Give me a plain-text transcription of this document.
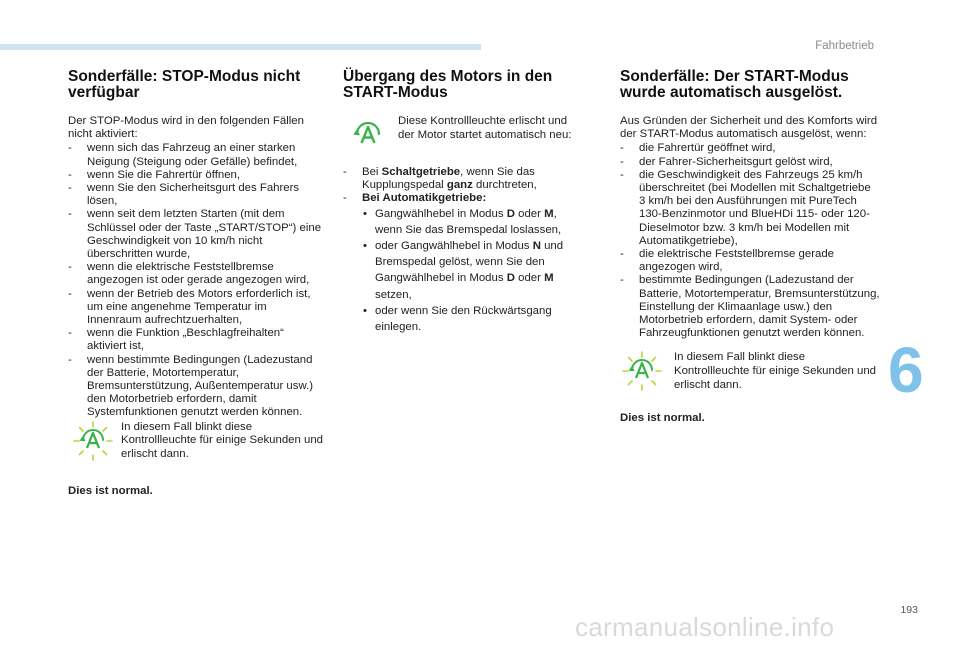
Fahrbetrieb
6
Sonderfälle: STOP-Modus nicht verfügbar

Der STOP-Modus wird in den folgenden Fällen nicht aktiviert:

- wenn sich das Fahrzeug an einer starken Neigung (Steigung oder Gefälle) befindet,
- wenn Sie die Fahrertür öffnen,
- wenn Sie den Sicherheitsgurt des Fahrers lösen,
- wenn seit dem letzten Starten (mit dem Schlüssel oder der Taste „START/STOP“) eine Geschwindigkeit von 10 km/h nicht überschritten wurde,
- wenn die elektrische Feststellbremse angezogen ist oder gerade angezogen wird,
- wenn der Betrieb des Motors erforderlich ist, um eine angenehme Temperatur im Innenraum aufrechtzuerhalten,
- wenn die Funktion „Beschlagfreihalten“ aktiviert ist,
- wenn bestimmte Bedingungen (Ladezustand der Batterie, Motortemperatur, Bremsunterstützung, Außentemperatur usw.) den Motorbetrieb erfordern, damit Systemfunktionen genutzt werden können.

In diesem Fall blinkt diese Kontrollleuchte für einige Sekunden und erlischt dann.

Dies ist normal.

Übergang des Motors in den START-Modus

Diese Kontrollleuchte erlischt und der Motor startet automatisch neu:

- Bei Schaltgetriebe, wenn Sie das Kupplungspedal ganz durchtreten,
- Bei Automatikgetriebe:
• Gangwählhebel in Modus D oder M, wenn Sie das Bremspedal loslassen,
• oder Gangwählhebel in Modus N und Bremspedal gelöst, wenn Sie den Gangwählhebel in Modus D oder M setzen,
• oder wenn Sie den Rückwärtsgang einlegen.
Sonderfälle: Der START-Modus wurde automatisch ausgelöst.

Aus Gründen der Sicherheit und des Komforts wird der START-Modus automatisch ausgelöst, wenn:

- die Fahrertür geöffnet wird,
- der Fahrer-Sicherheitsgurt gelöst wird,
- die Geschwindigkeit des Fahrzeugs 25 km/h überschreitet (bei Modellen mit Schaltgetriebe 3 km/h bei den Ausführungen mit PureTech 130-Benzinmotor und BlueHDi 115- oder 120-Dieselmotor bzw. 3 km/h bei Modellen mit Automatikgetriebe),
- die elektrische Feststellbremse gerade angezogen wird,
- bestimmte Bedingungen (Ladezustand der Batterie, Motortemperatur, Bremsunterstützung, Einstellung der Klimaanlage usw.) den Motorbetrieb erfordern, damit System- oder Fahrzeugfunktionen genutzt werden können.

In diesem Fall blinkt diese Kontrollleuchte für einige Sekunden und erlischt dann.

Dies ist normal.

193
carmanualsonline.info
